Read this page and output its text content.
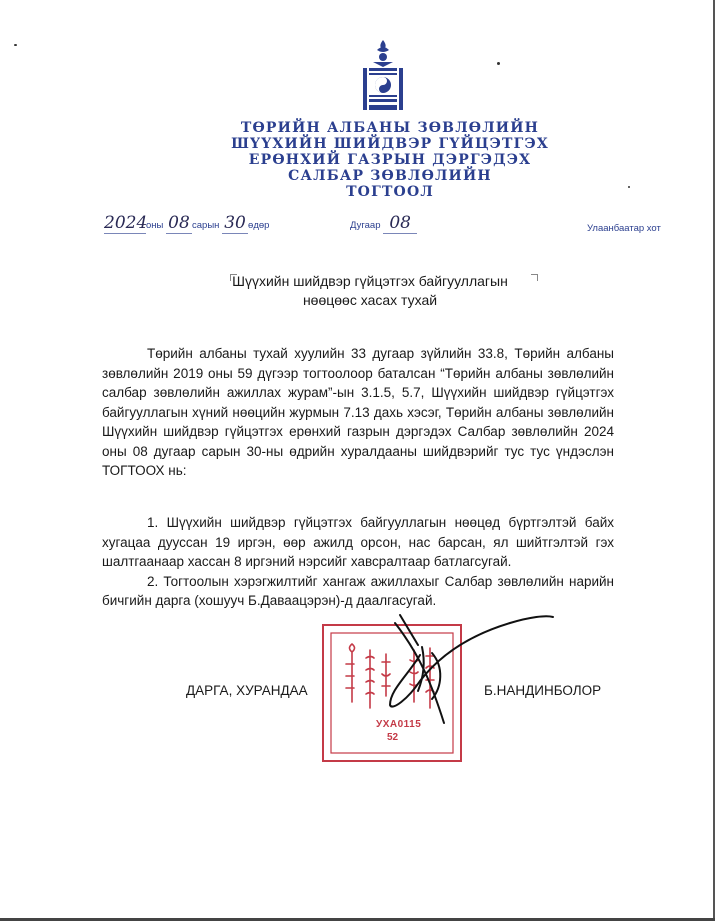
ТӨРИЙН АЛБАНЫ ЗӨВЛӨЛИЙН
ШҮҮХИЙН ШИЙДВЭР ГҮЙЦЭТГЭХ
ЕРӨНХИЙ ГАЗРЫН ДЭРГЭДЭХ
САЛБАР ЗӨВЛӨЛИЙН
ТОГТООЛ
2024оны 08 сарын 30 өдөр	Дугаар 08	Улаанбаатар хот
Шүүхийн шийдвэр гүйцэтгэх байгууллагын
нөөцөөс хасах тухай

Төрийн албаны тухай хуулийн 33 дугаар зүйлийн 33.8, Төрийн албаны зөвлөлийн 2019 оны 59 дүгээр тогтоолоор баталсан “Төрийн албаны зөвлөлийн салбар зөвлөлийн ажиллах журам”-ын 3.1.5, 5.7, Шүүхийн шийдвэр гүйцэтгэх байгууллагын хүний нөөцийн журмын 7.13 дахь хэсэг, Төрийн албаны зөвлөлийн Шүүхийн шийдвэр гүйцэтгэх ерөнхий газрын дэргэдэх Салбар зөвлөлийн 2024 оны 08 дугаар сарын 30-ны өдрийн хуралдааны шийдвэрийг тус тус үндэслэн ТОГТООХ нь:

1. Шүүхийн шийдвэр гүйцэтгэх байгууллагын нөөцөд бүртгэлтэй байх хугацаа дууссан 19 иргэн, өөр ажилд орсон, нас барсан, ял шийтгэлтэй гэх шалтгаанаар хассан 8 иргэний нэрсийг хавсралтаар батлагсугай.

2. Тогтоолын хэрэгжилтийг хангаж ажиллахыг Салбар зөвлөлийн нарийн бичгийн дарга (хошууч Б.Даваацэрэн)-д даалгасугай.

УХА0115
52
ДАРГА, ХУРАНДАА	Б.НАНДИНБОЛОР
